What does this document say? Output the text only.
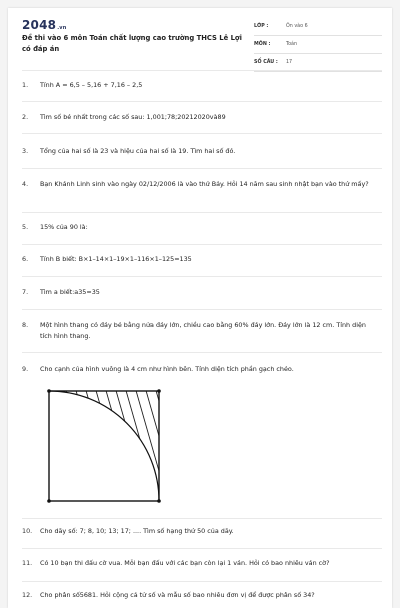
2048.vn
Đề thi vào 6 môn Toán chất lượng cao trường THCS Lê Lợi có đáp án
LỚP :	Ôn vào 6
MÔN :	Toán
SỐ CÂU : 17
1.	Tính A = 6,5 – 5,16 + 7,16 – 2,5
2.	Tìm số bé nhất trong các số sau: 1,001;78;20212020và89
3.	Tổng của hai số là 23 và hiệu của hai số là 19. Tìm hai số đó.
4.	Bạn Khánh Linh sinh vào ngày 02/12/2006 là vào thứ Bảy. Hỏi 14 năm sau sinh nhật bạn vào thứ mấy?
5.	15% của 90 là:
6.	Tính B biết: B×1–14×1–19×1–116×1–125=135
7.	Tìm a biết:a35=35
8.	Một hình thang có đáy bé bằng nửa đáy lớn, chiều cao bằng 60% đáy lớn. Đáy lớn là 12 cm. Tính diện tích hình thang.
9.	Cho cạnh của hình vuông là 4 cm như hình bên. Tính diện tích phần gạch chéo.
10.	Cho dãy số: 7; 8, 10; 13; 17; .... Tìm số hạng thứ 50 của dãy.
11.	Có 10 bạn thi đấu cờ vua. Mỗi bạn đấu với các bạn còn lại 1 ván. Hỏi có bao nhiêu ván cờ?
12.	Cho phân số5681. Hỏi cộng cả tử số và mẫu số bao nhiêu đơn vị để được phân số 34?
